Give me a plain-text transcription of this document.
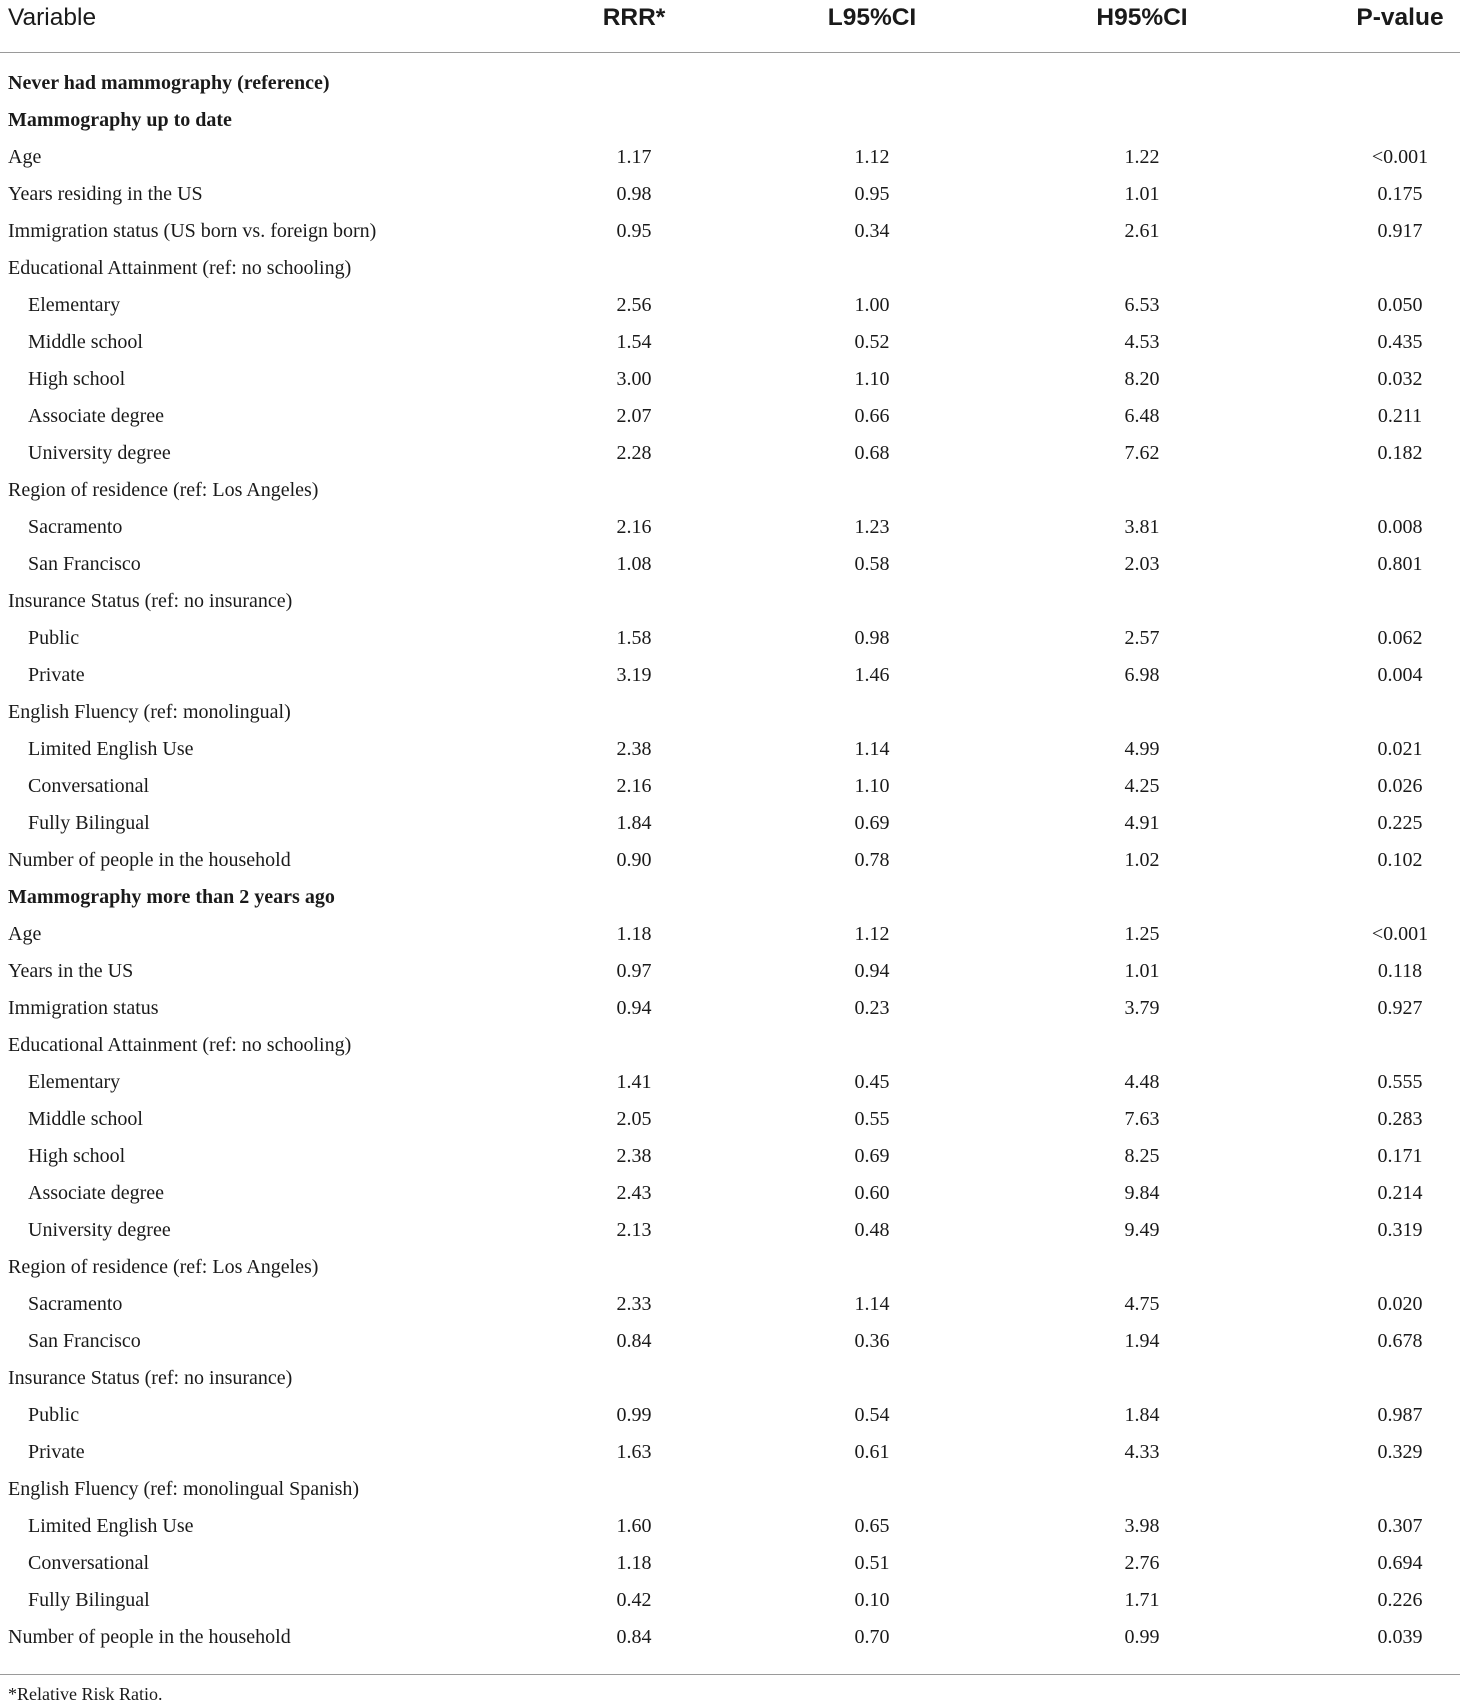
Variable	RRR*	L95%CI	H95%CI	P-value
Never had mammography (reference)
Mammography up to date
Age	1.17	1.12	1.22	<0.001
Years residing in the US	0.98	0.95	1.01	0.175
Immigration status (US born vs. foreign born)	0.95	0.34	2.61	0.917
Educational Attainment (ref: no schooling)
Elementary	2.56	1.00	6.53	0.050
Middle school	1.54	0.52	4.53	0.435
High school	3.00	1.10	8.20	0.032
Associate degree	2.07	0.66	6.48	0.211
University degree	2.28	0.68	7.62	0.182
Region of residence (ref: Los Angeles)
Sacramento	2.16	1.23	3.81	0.008
San Francisco	1.08	0.58	2.03	0.801
Insurance Status (ref: no insurance)
Public	1.58	0.98	2.57	0.062
Private	3.19	1.46	6.98	0.004
English Fluency (ref: monolingual)
Limited English Use	2.38	1.14	4.99	0.021
Conversational	2.16	1.10	4.25	0.026
Fully Bilingual	1.84	0.69	4.91	0.225
Number of people in the household	0.90	0.78	1.02	0.102
Mammography more than 2 years ago
Age	1.18	1.12	1.25	<0.001
Years in the US	0.97	0.94	1.01	0.118
Immigration status	0.94	0.23	3.79	0.927
Educational Attainment (ref: no schooling)
Elementary	1.41	0.45	4.48	0.555
Middle school	2.05	0.55	7.63	0.283
High school	2.38	0.69	8.25	0.171
Associate degree	2.43	0.60	9.84	0.214
University degree	2.13	0.48	9.49	0.319
Region of residence (ref: Los Angeles)
Sacramento	2.33	1.14	4.75	0.020
San Francisco	0.84	0.36	1.94	0.678
Insurance Status (ref: no insurance)
Public	0.99	0.54	1.84	0.987
Private	1.63	0.61	4.33	0.329
English Fluency (ref: monolingual Spanish)
Limited English Use	1.60	0.65	3.98	0.307
Conversational	1.18	0.51	2.76	0.694
Fully Bilingual	0.42	0.10	1.71	0.226
Number of people in the household	0.84	0.70	0.99	0.039
*Relative Risk Ratio.
